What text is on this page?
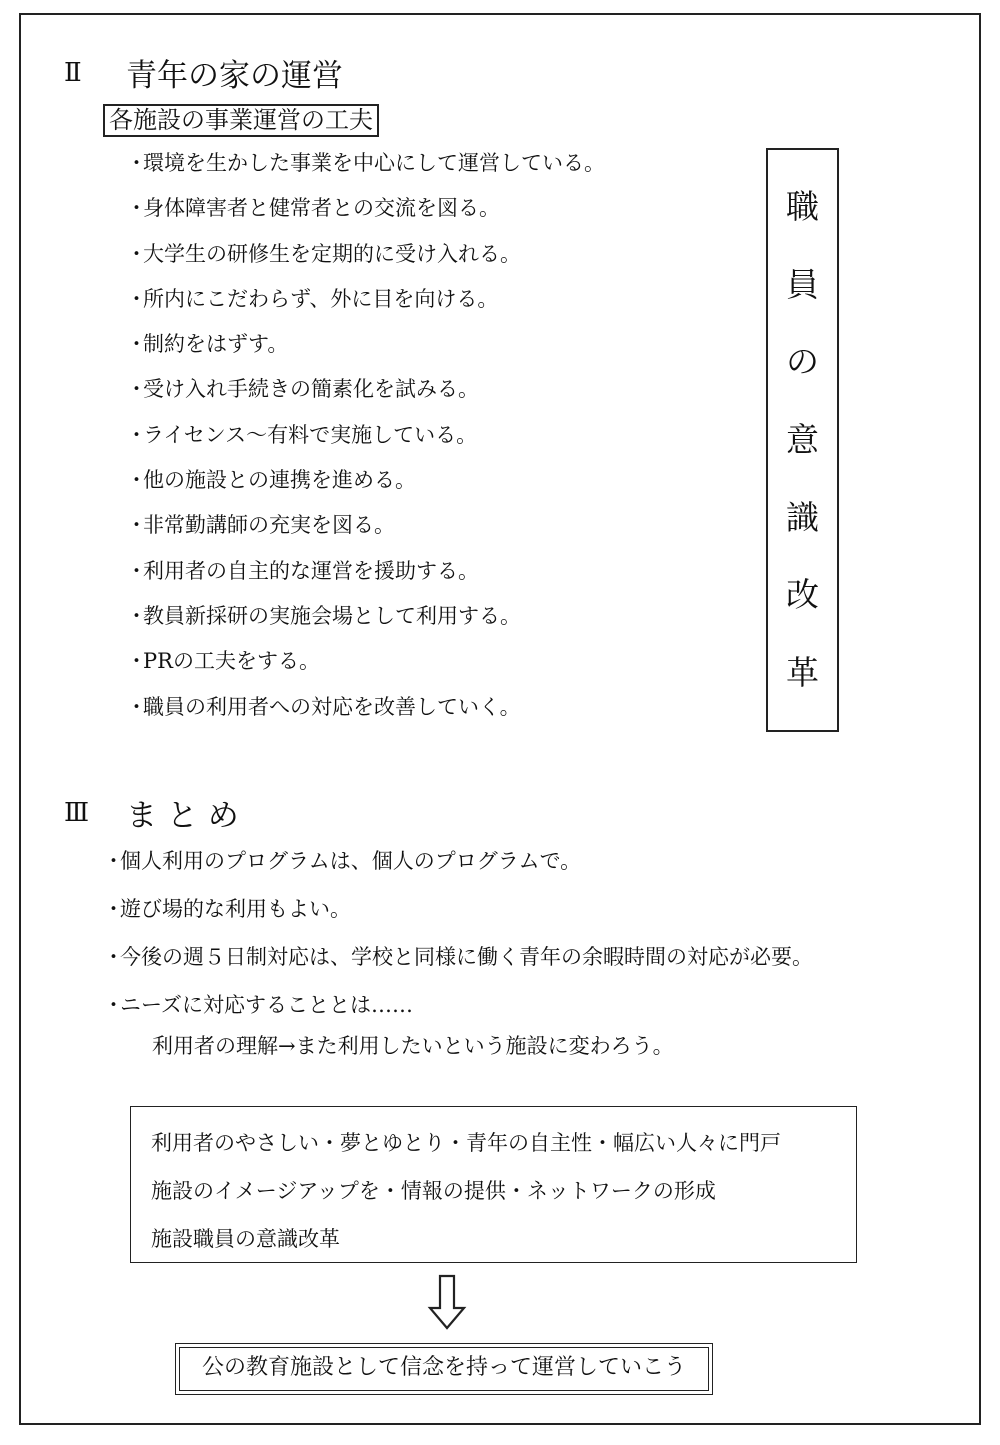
Ⅱ	青年の家の運営
各施設の事業運営の工夫
・環境を生かした事業を中心にして運営している。
・身体障害者と健常者との交流を図る。
・大学生の研修生を定期的に受け入れる。
・所内にこだわらず、外に目を向ける。
・制約をはずす。
・受け入れ手続きの簡素化を試みる。
・ライセンス～有料で実施している。
・他の施設との連携を進める。
・非常勤講師の充実を図る。
・利用者の自主的な運営を援助する。
・教員新採研の実施会場として利用する。
・PRの工夫をする。
・職員の利用者への対応を改善していく。
職
員
の
意
識
改
革
Ⅲ	ま と め
・個人利用のプログラムは、個人のプログラムで。
・遊び場的な利用もよい。
・今後の週５日制対応は、学校と同様に働く青年の余暇時間の対応が必要。
・ニーズに対応することとは……
利用者の理解→また利用したいという施設に変わろう。
利用者のやさしい・夢とゆとり・青年の自主性・幅広い人々に門戸
施設のイメージアップを・情報の提供・ネットワークの形成
施設職員の意識改革
公の教育施設として信念を持って運営していこう
